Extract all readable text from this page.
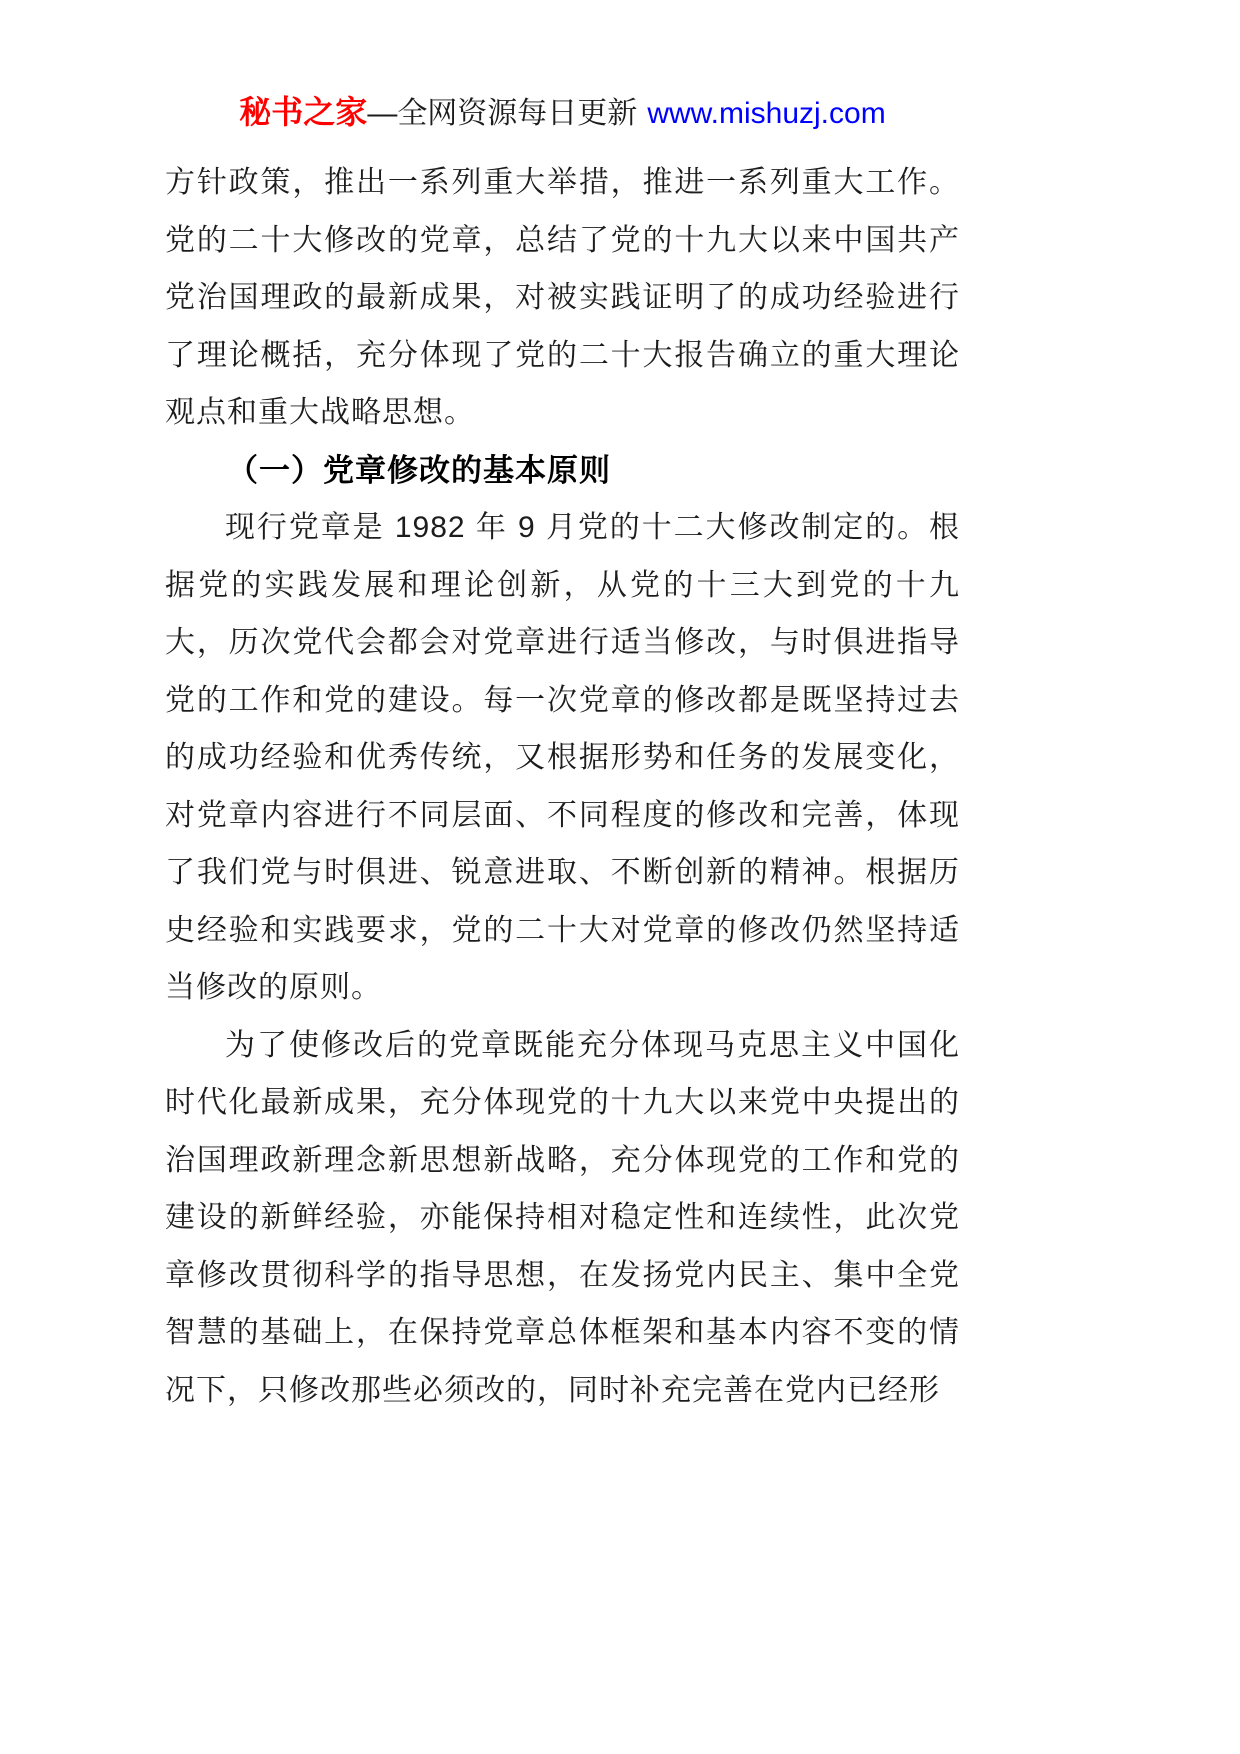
秘书之家—全网资源每日更新 www.mishuzj.com

方针政策，推出一系列重大举措，推进一系列重大工作。党的二十大修改的党章，总结了党的十九大以来中国共产党治国理政的最新成果，对被实践证明了的成功经验进行了理论概括，充分体现了党的二十大报告确立的重大理论观点和重大战略思想。

（一）党章修改的基本原则

现行党章是 1982 年 9 月党的十二大修改制定的。根据党的实践发展和理论创新，从党的十三大到党的十九大，历次党代会都会对党章进行适当修改，与时俱进指导党的工作和党的建设。每一次党章的修改都是既坚持过去的成功经验和优秀传统，又根据形势和任务的发展变化，对党章内容进行不同层面、不同程度的修改和完善，体现了我们党与时俱进、锐意进取、不断创新的精神。根据历史经验和实践要求，党的二十大对党章的修改仍然坚持适当修改的原则。

为了使修改后的党章既能充分体现马克思主义中国化时代化最新成果，充分体现党的十九大以来党中央提出的治国理政新理念新思想新战略，充分体现党的工作和党的建设的新鲜经验，亦能保持相对稳定性和连续性，此次党章修改贯彻科学的指导思想，在发扬党内民主、集中全党智慧的基础上，在保持党章总体框架和基本内容不变的情况下，只修改那些必须改的，同时补充完善在党内已经形
